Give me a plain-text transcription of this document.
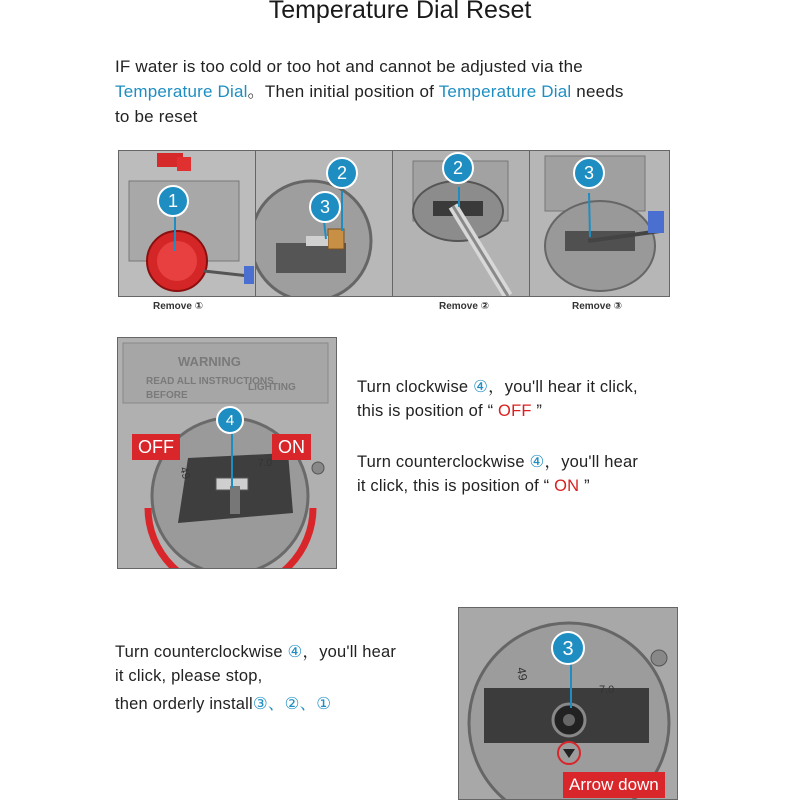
Temperature Dial Reset
IF water is too cold or too hot and cannot be adjusted via the
Temperature Dial。Then initial position of Temperature Dial needs
to be reset
1
2
3
2	3
Remove ①	Remove ②	Remove ③
WARNING
READ ALL INSTRUCTIONS
BEFORE
LIGHTING
49
7.0
OFF	ON
4
Turn clockwise ④，you'll hear it click,
this is position of “ OFF ”
Turn counterclockwise ④，you'll hear
it click, this is position of “ ON ”
Turn counterclockwise ④，you'll hear
it click, please stop,
then orderly install③、②、①
49
7.0
Arrow down
3
